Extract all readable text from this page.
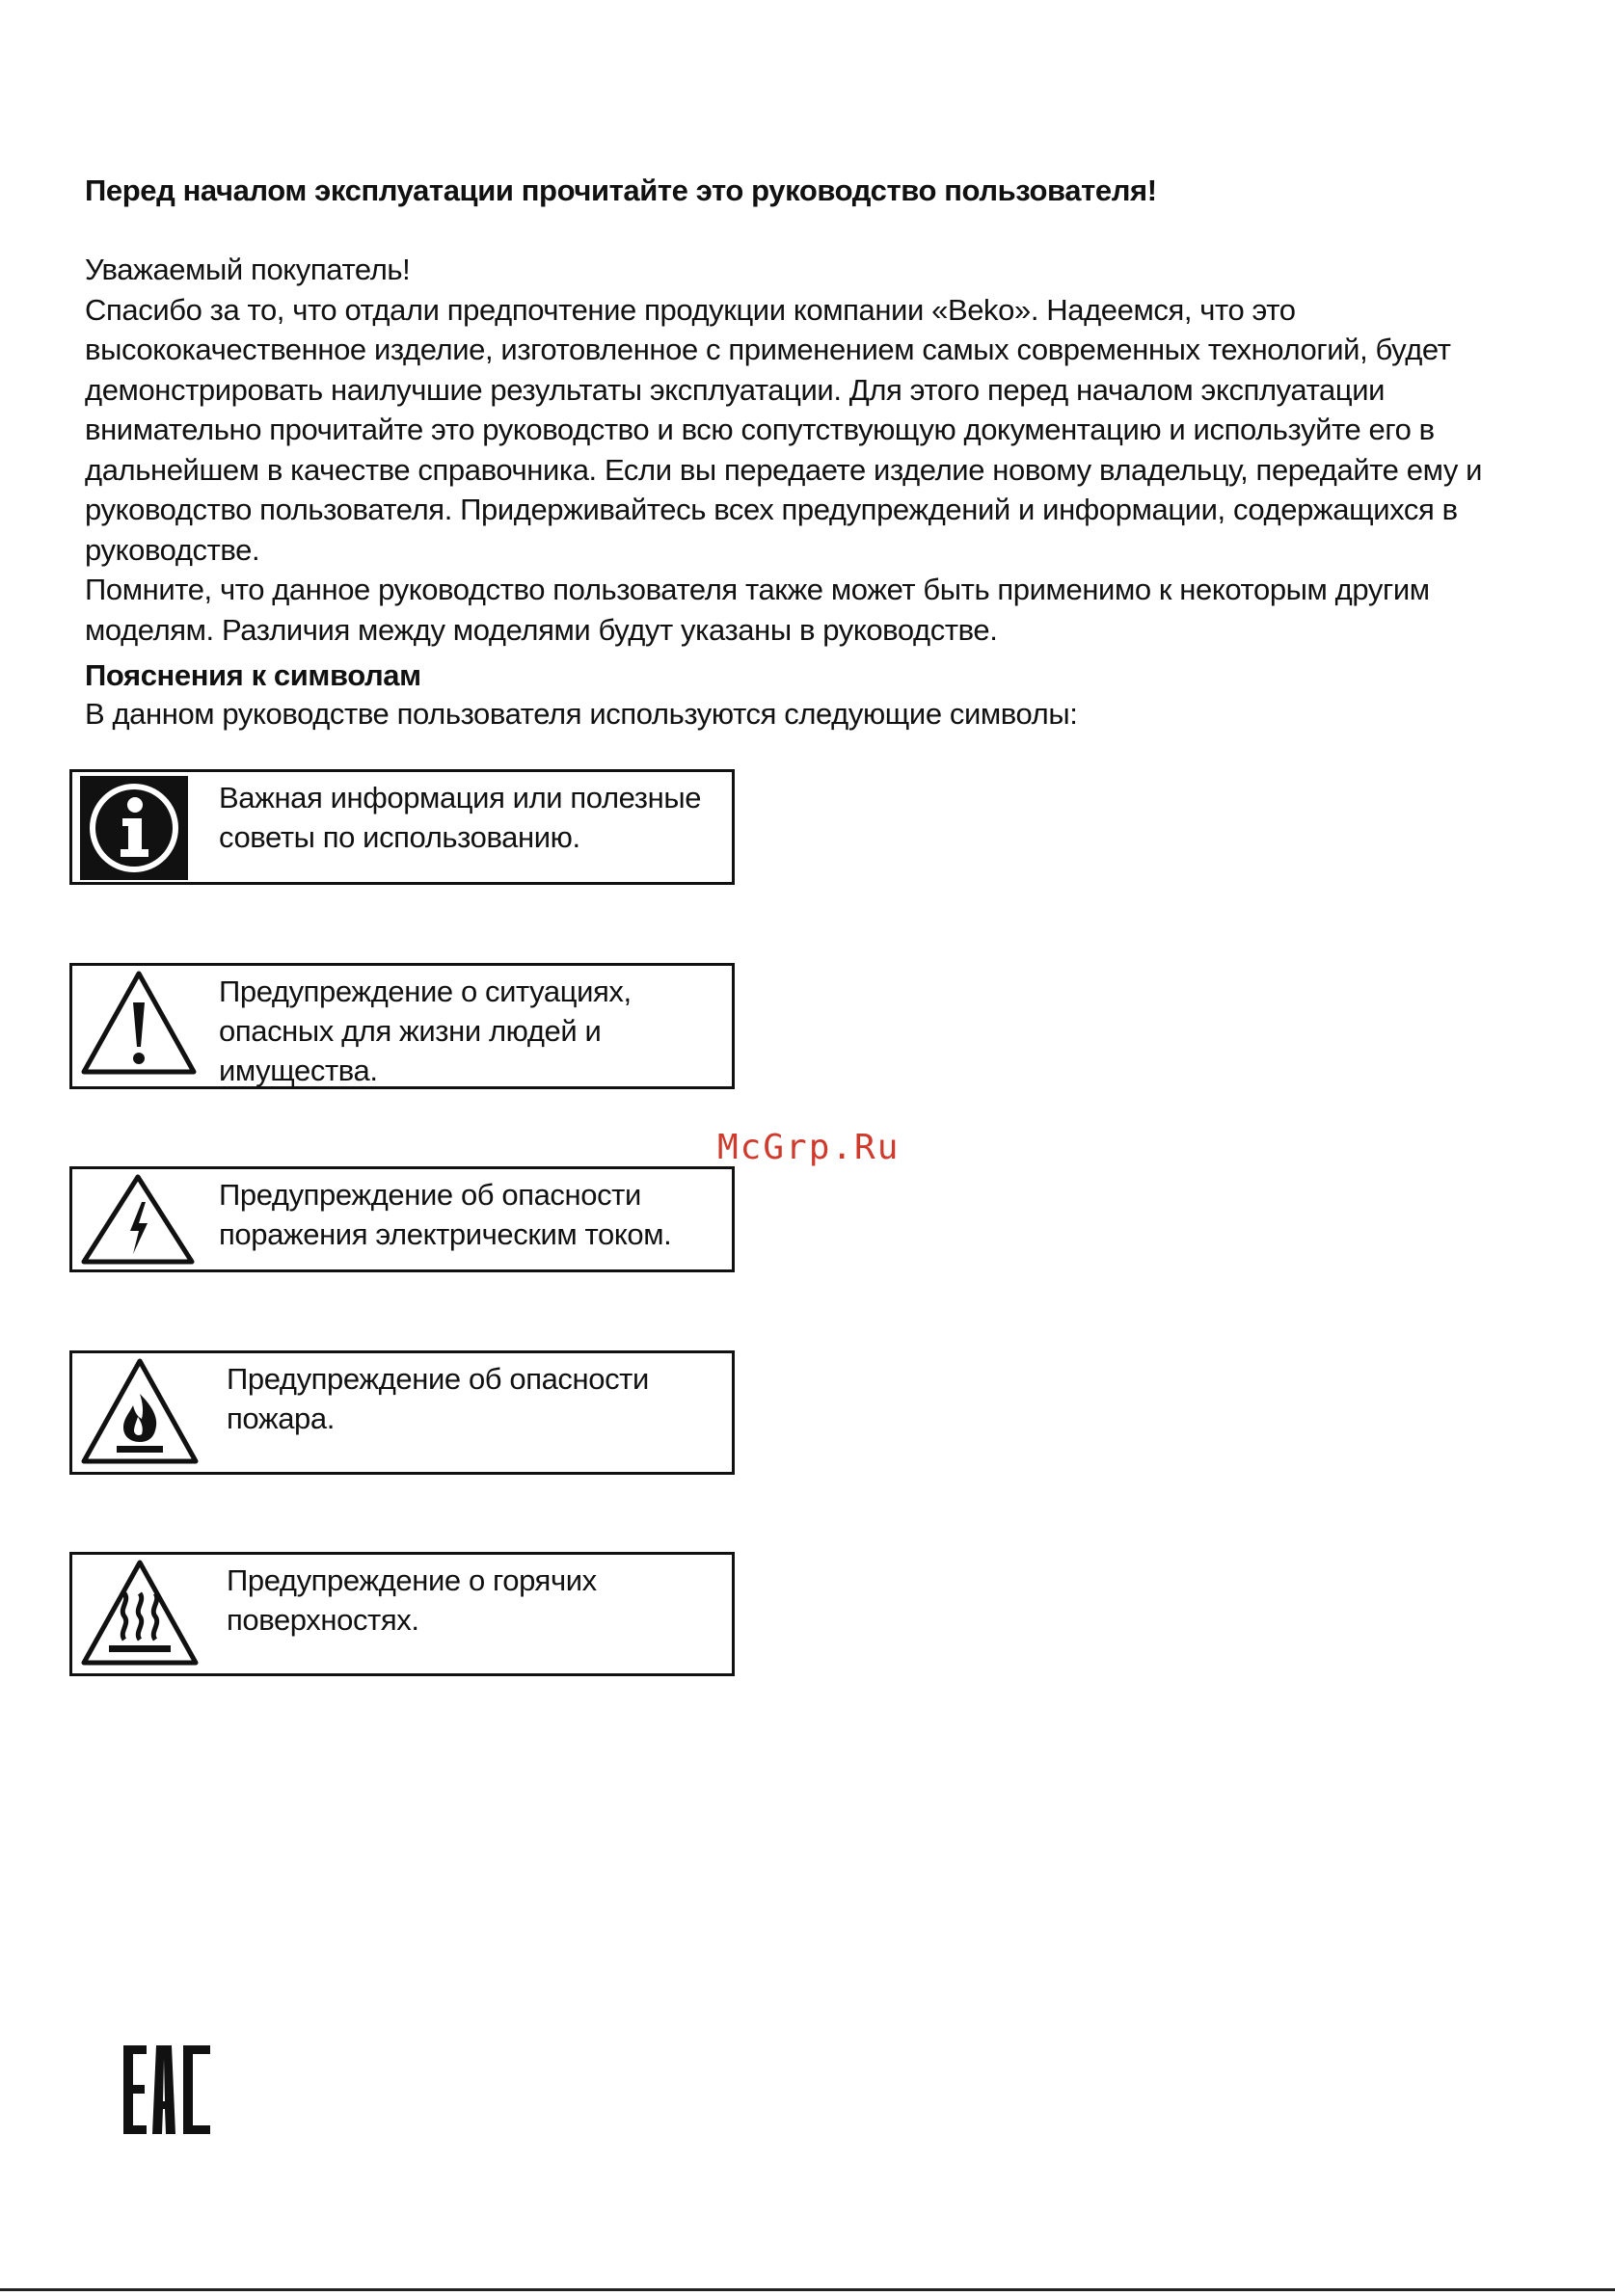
Перед началом эксплуатации прочитайте это руководство пользователя!

Уважаемый покупатель!

Спасибо за то, что отдали предпочтение продукции компании «Beko». Надеемся, что это высококачественное изделие, изготовленное с применением самых современных технологий, будет демонстрировать наилучшие результаты эксплуатации. Для этого перед началом эксплуатации внимательно прочитайте это руководство и всю сопутствующую документацию и используйте его в дальнейшем в качестве справочника. Если вы передаете изделие новому владельцу, передайте ему и руководство пользователя. Придерживайтесь всех предупреждений и информации, содержащихся в руководстве.

Помните, что данное руководство пользователя также может быть применимо к некоторым другим моделям. Различия между моделями будут указаны в руководстве.

Пояснения к символам
В данном руководстве пользователя используются следующие символы:

Важная информация или полезные

советы по использованию.

Предупреждение о ситуациях,

опасных для жизни людей и

имущества.

Предупреждение об опасности

поражения электрическим током.

Предупреждение об опасности

пожара.

Предупреждение о горячих

поверхностях.

McGrp.Ru
